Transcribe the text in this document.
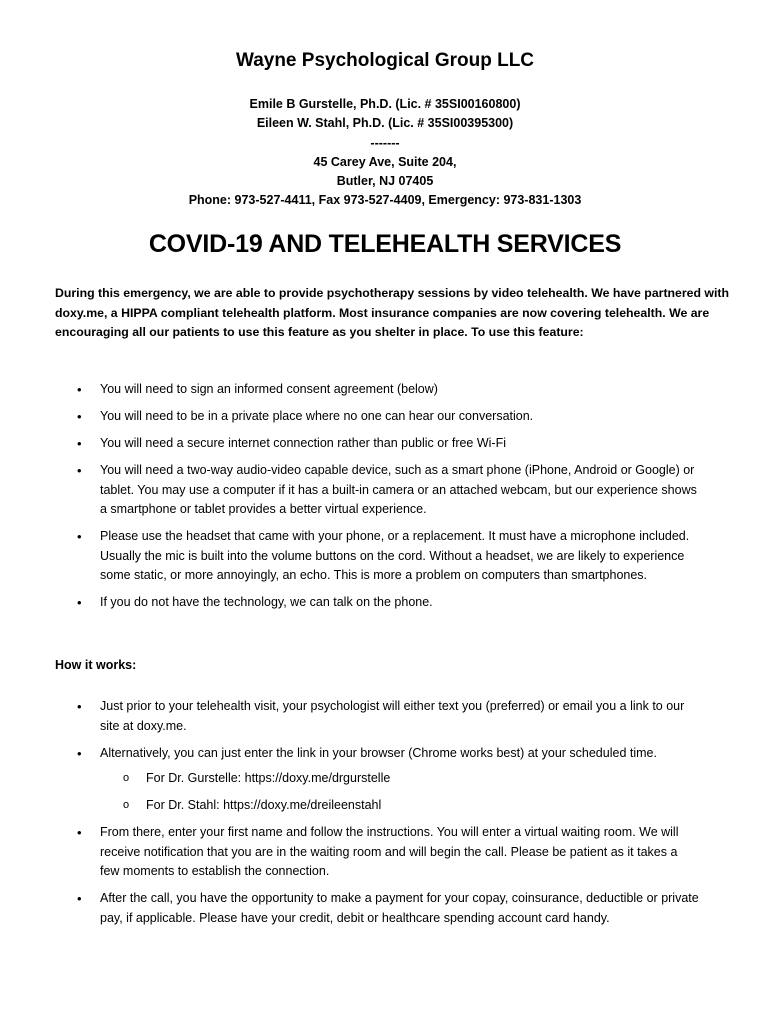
Wayne Psychological Group LLC
Emile B Gurstelle, Ph.D. (Lic. # 35SI00160800)
Eileen W. Stahl, Ph.D. (Lic. # 35SI00395300)
-------
45 Carey Ave, Suite 204,
Butler, NJ 07405
Phone: 973-527-4411, Fax 973-527-4409, Emergency: 973-831-1303
COVID-19 AND TELEHEALTH SERVICES
During this emergency, we are able to provide psychotherapy sessions by video telehealth. We have partnered with doxy.me, a HIPPA compliant telehealth platform. Most insurance companies are now covering telehealth. We are encouraging all our patients to use this feature as you shelter in place. To use this feature:
• You will need to sign an informed consent agreement (below)
• You will need to be in a private place where no one can hear our conversation.
• You will need a secure internet connection rather than public or free Wi-Fi
• You will need a two-way audio-video capable device, such as a smart phone (iPhone, Android or Google) or tablet. You may use a computer if it has a built-in camera or an attached webcam, but our experience shows a smartphone or tablet provides a better virtual experience.
• Please use the headset that came with your phone, or a replacement. It must have a microphone included. Usually the mic is built into the volume buttons on the cord. Without a headset, we are likely to experience some static, or more annoyingly, an echo. This is more a problem on computers than smartphones.
• If you do not have the technology, we can talk on the phone.
How it works:
• Just prior to your telehealth visit, your psychologist will either text you (preferred) or email you a link to our site at doxy.me.
• Alternatively, you can just enter the link in your browser (Chrome works best) at your scheduled time.
o For Dr. Gurstelle: https://doxy.me/drgurstelle
o For Dr. Stahl: https://doxy.me/dreileenstahl
• From there, enter your first name and follow the instructions. You will enter a virtual waiting room. We will receive notification that you are in the waiting room and will begin the call. Please be patient as it takes a few moments to establish the connection.
• After the call, you have the opportunity to make a payment for your copay, coinsurance, deductible or private pay, if applicable. Please have your credit, debit or healthcare spending account card handy.
